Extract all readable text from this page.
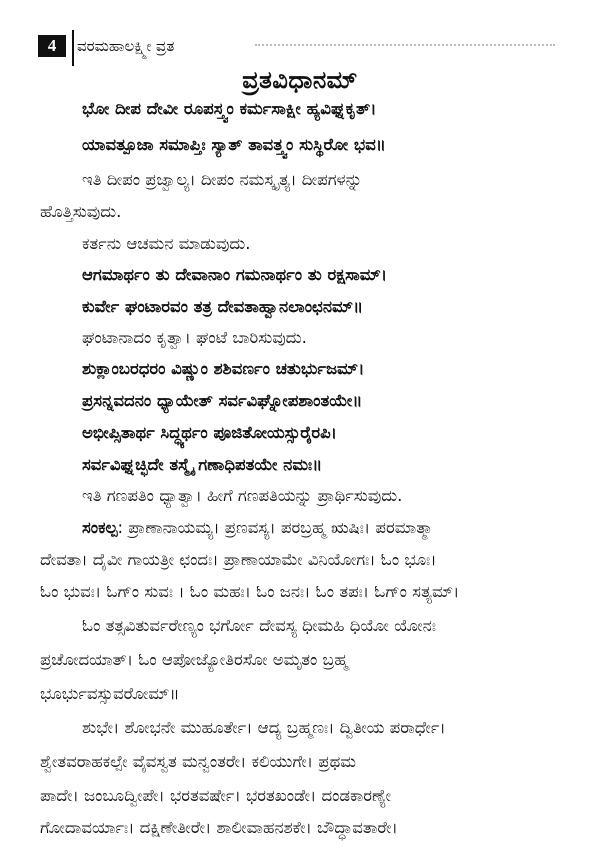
4	ವರಮಹಾಲಕ್ಷ್ಮೀ ವ್ರತ
ವ್ರತವಿಧಾನಮ್
ಭೋ ದೀಪ ದೇವೀ ರೂಪಸ್ತ್ವಂ ಕರ್ಮಸಾಕ್ಷೀ ಹ್ಯವಿಘ್ನಕೃತ್।
ಯಾವತ್ಪೂಜಾ ಸಮಾಪ್ತಿಃ ಸ್ಯಾತ್ ತಾವತ್ತ್ವಂ ಸುಸ್ಥಿರೋ ಭವ॥
ಇತಿ ದೀಪಂ ಪ್ರಜ್ವಾಲ್ಯ। ದೀಪಂ ನಮಸ್ಕೃತ್ಯ। ದೀಪಗಳನ್ನು
ಹೊತ್ತಿಸುವುದು.
ಕರ್ತನು ಆಚಮನ ಮಾಡುವುದು.
ಆಗಮಾರ್ಥಂ ತು ದೇವಾನಾಂ ಗಮನಾರ್ಥಂ ತು ರಕ್ಷಸಾಮ್।
ಕುರ್ವೇ ಘಂಟಾರವಂ ತತ್ರ ದೇವತಾಹ್ವಾನಲಾಂಛನಮ್॥
ಘಂಟಾನಾದಂ ಕೃತ್ವಾ। ಘಂಟೆ ಬಾರಿಸುವುದು.
ಶುಕ್ಲಾಂಬರಧರಂ ವಿಷ್ಣುಂ ಶಶಿವರ್ಣಂ ಚತುರ್ಭುಜಮ್।
ಪ್ರಸನ್ನವದನಂ ಧ್ಯಾಯೇತ್ ಸರ್ವವಿಘ್ನೋಪಶಾಂತಯೇ॥
ಅಭೀಪ್ಸಿತಾರ್ಥ ಸಿದ್ಧ್ಯರ್ಥಂ ಪೂಜಿತೋಯಸ್ಸುರೈರಪಿ।
ಸರ್ವವಿಘ್ನಚ್ಛಿದೇ ತಸ್ಮೈ ಗಣಾಧಿಪತಯೇ ನಮಃ॥
ಇತಿ ಗಣಪತಿಂ ಧ್ಯಾತ್ವಾ। ಹೀಗೆ ಗಣಪತಿಯನ್ನು ಪ್ರಾರ್ಥಿಸುವುದು.
ಸಂಕಲ್ಪ: ಪ್ರಾಣಾನಾಯಮ್ಯ। ಪ್ರಣವಸ್ಯ। ಪರಬ್ರಹ್ಮ ಋಷಿಃ। ಪರಮಾತ್ಮಾ
ದೇವತಾ। ದೈವೀ ಗಾಯತ್ರೀ ಛಂದಃ। ಪ್ರಾಣಾಯಾಮೇ ವಿನಿಯೋಗಃ। ಓಂ ಭೂಃ।
ಓಂ ಭುವಃ। ಓಗ್ಂ ಸುವಃ । ಓಂ ಮಹಃ। ಓಂ ಜನಃ। ಓಂ ತಪಃ। ಓಗ್ಂ ಸತ್ಯಮ್।
ಓಂ ತತ್ಸವಿತುರ್ವರೇಣ್ಯಂ ಭರ್ಗೋ ದೇವಸ್ಯ ಧೀಮಹಿ ಧಿಯೋ ಯೋನಃ
ಪ್ರಚೋದಯಾತ್। ಓಂ ಆಪೋಜ್ಯೋತಿರಸೋ ಅಮೃತಂ ಬ್ರಹ್ಮ
ಭೂರ್ಭುವಸ್ಸುವರೋಮ್॥
ಶುಭೇ। ಶೋಭನೇ ಮುಹೂರ್ತೇ। ಆದ್ಯ ಬ್ರಹ್ಮಣಃ। ದ್ವಿತೀಯ ಪರಾರ್ಧೇ।
ಶ್ವೇತವರಾಹಕಲ್ಪೇ ವೈವಸ್ವತ ಮನ್ವಂತರೇ। ಕಲಿಯುಗೇ। ಪ್ರಥಮ
ಪಾದೇ। ಜಂಬೂದ್ವೀಪೇ। ಭರತವರ್ಷೇ। ಭರತಖಂಡೇ। ದಂಡಕಾರಣ್ಯೇ
ಗೋದಾವರ್ಯಾಃ। ದಕ್ಷಿಣೇತೀರೇ। ಶಾಲೀವಾಹನಶಕೇ। ಬೌದ್ಧಾವತಾರೇ।
